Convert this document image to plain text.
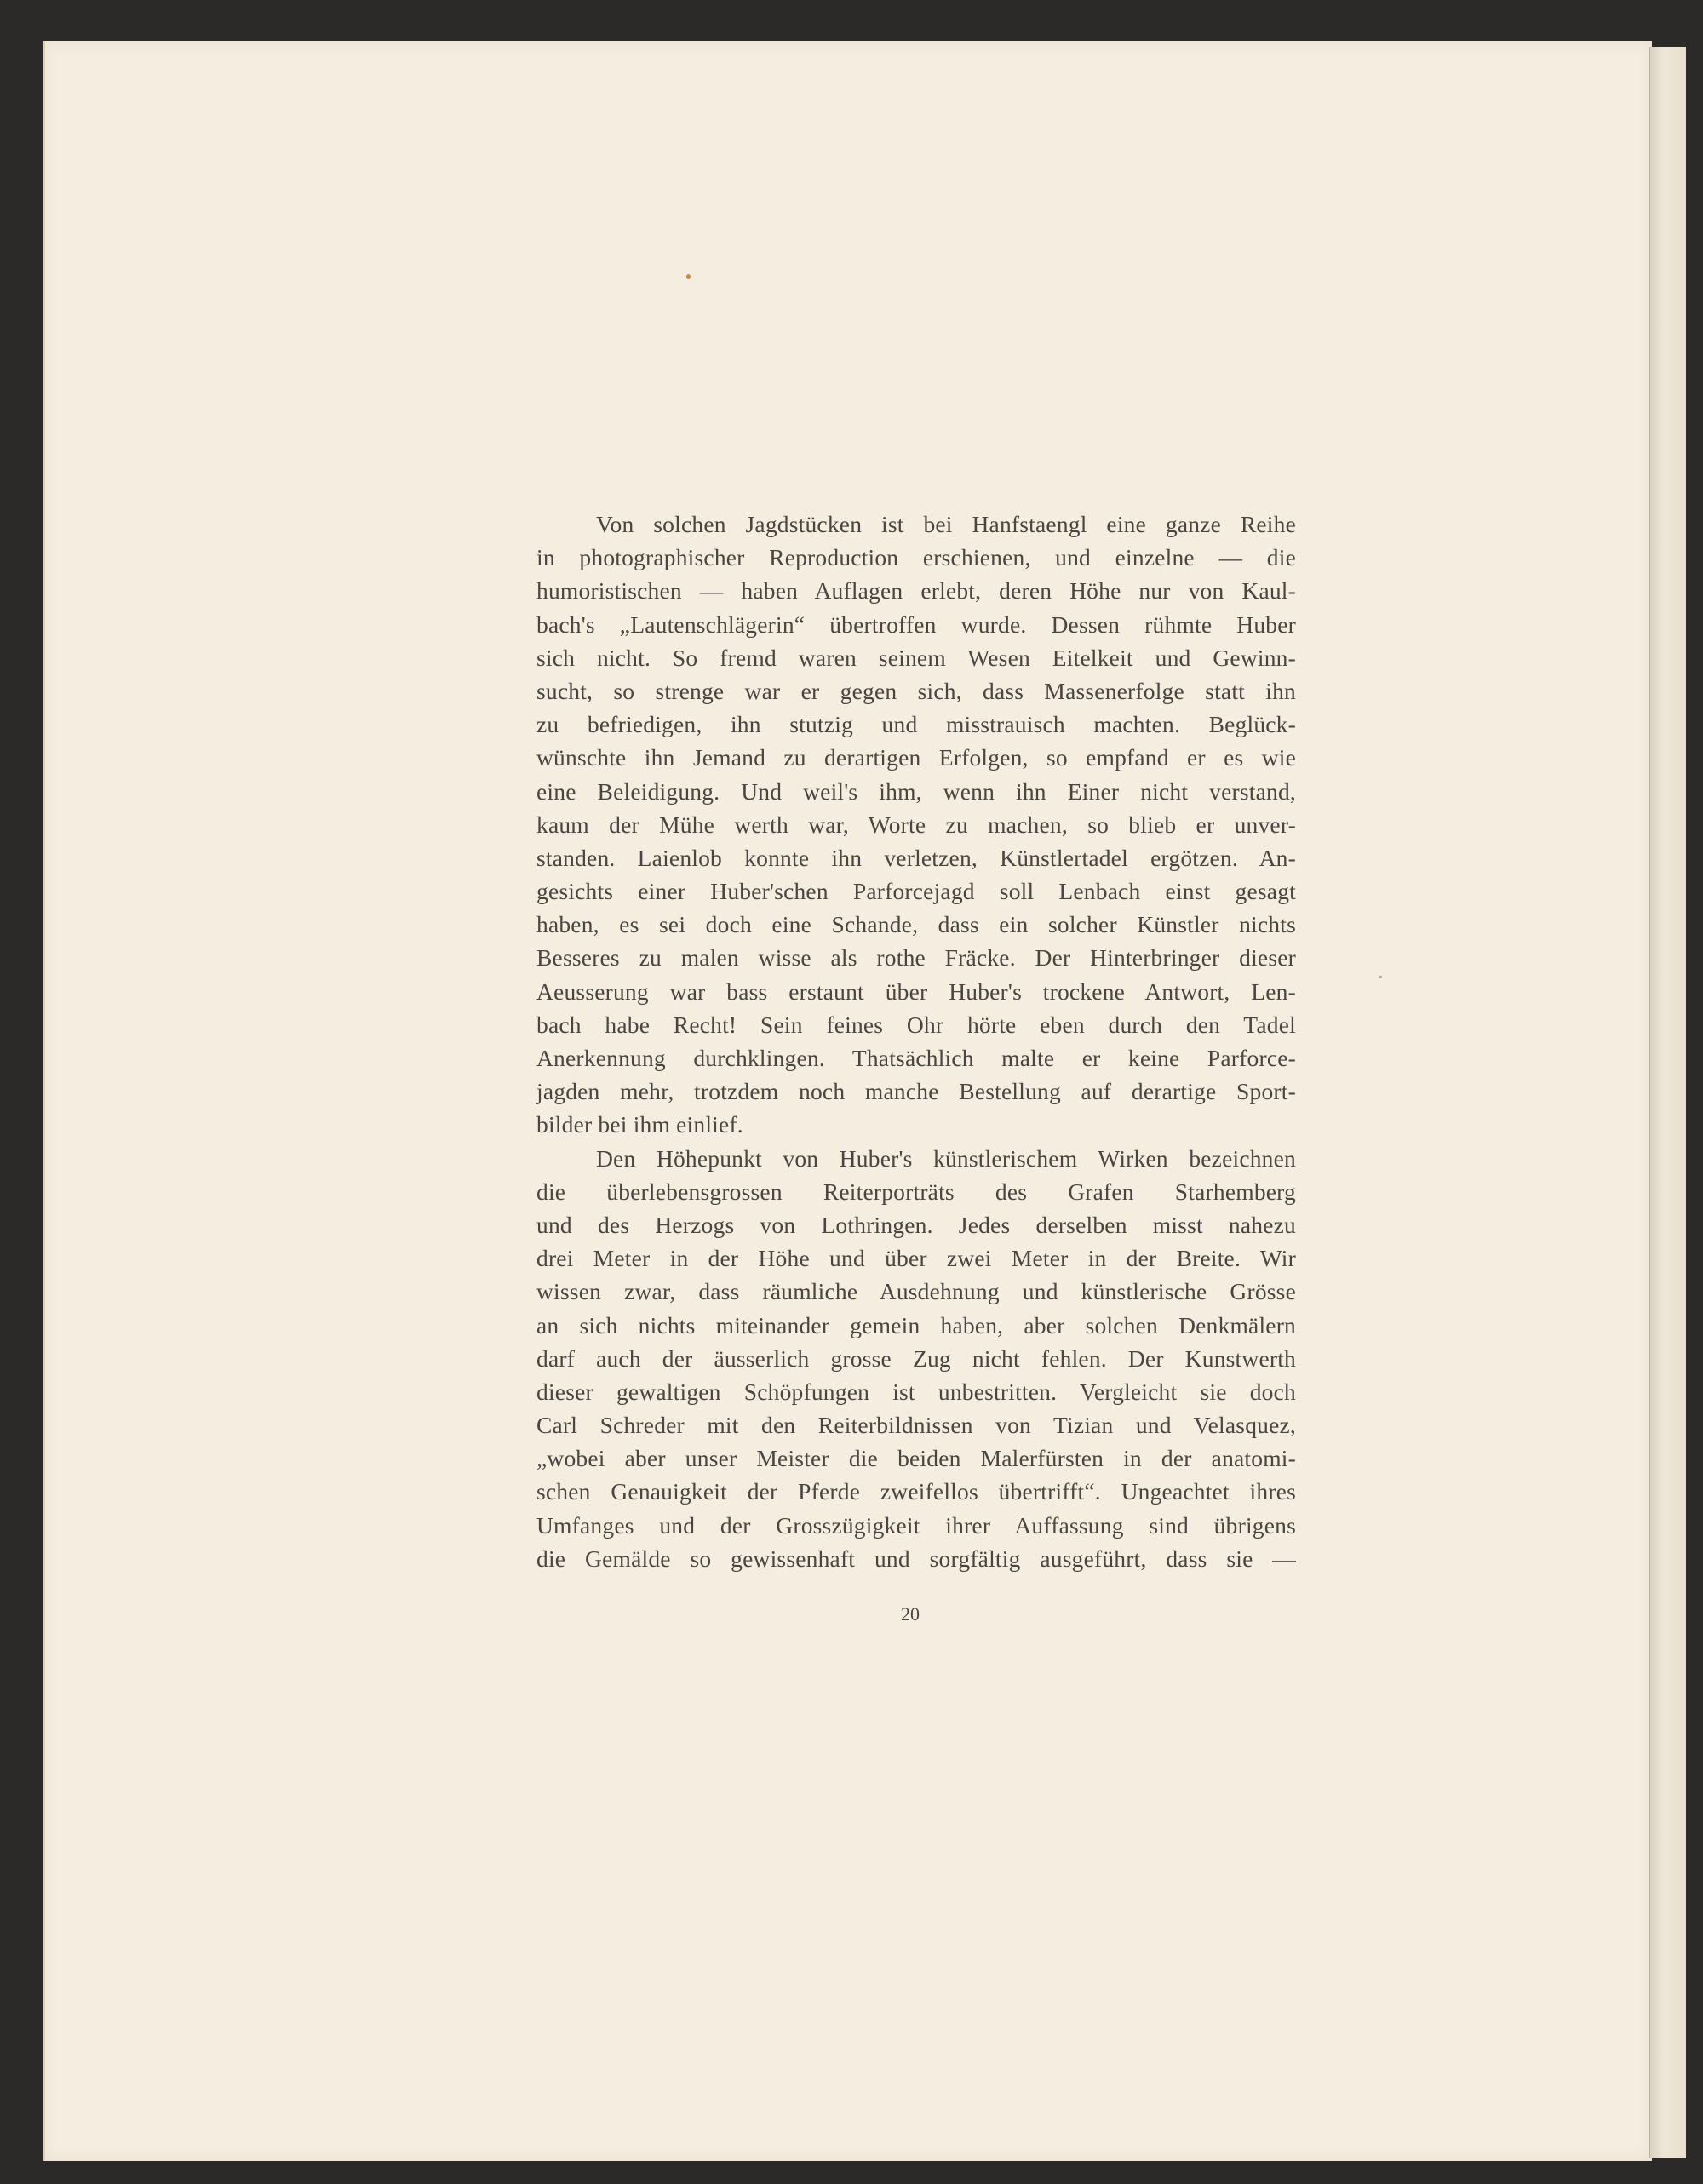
Von solchen Jagdstücken ist bei Hanfstaengl eine ganze Reihe
in photographischer Reproduction erschienen, und einzelne — die
humoristischen — haben Auflagen erlebt, deren Höhe nur von Kaul-
bach's „Lautenschlägerin“ übertroffen wurde. Dessen rühmte Huber
sich nicht. So fremd waren seinem Wesen Eitelkeit und Gewinn-
sucht, so strenge war er gegen sich, dass Massenerfolge statt ihn
zu befriedigen, ihn stutzig und misstrauisch machten. Beglück-
wünschte ihn Jemand zu derartigen Erfolgen, so empfand er es wie
eine Beleidigung. Und weil's ihm, wenn ihn Einer nicht verstand,
kaum der Mühe werth war, Worte zu machen, so blieb er unver-
standen. Laienlob konnte ihn verletzen, Künstlertadel ergötzen. An-
gesichts einer Huber'schen Parforcejagd soll Lenbach einst gesagt
haben, es sei doch eine Schande, dass ein solcher Künstler nichts
Besseres zu malen wisse als rothe Fräcke. Der Hinterbringer dieser
Aeusserung war bass erstaunt über Huber's trockene Antwort, Len-
bach habe Recht! Sein feines Ohr hörte eben durch den Tadel
Anerkennung durchklingen. Thatsächlich malte er keine Parforce-
jagden mehr, trotzdem noch manche Bestellung auf derartige Sport-
bilder bei ihm einlief.
Den Höhepunkt von Huber's künstlerischem Wirken bezeichnen
die überlebensgrossen Reiterporträts des Grafen Starhemberg
und des Herzogs von Lothringen. Jedes derselben misst nahezu
drei Meter in der Höhe und über zwei Meter in der Breite. Wir
wissen zwar, dass räumliche Ausdehnung und künstlerische Grösse
an sich nichts miteinander gemein haben, aber solchen Denkmälern
darf auch der äusserlich grosse Zug nicht fehlen. Der Kunstwerth
dieser gewaltigen Schöpfungen ist unbestritten. Vergleicht sie doch
Carl Schreder mit den Reiterbildnissen von Tizian und Velasquez,
„wobei aber unser Meister die beiden Malerfürsten in der anatomi-
schen Genauigkeit der Pferde zweifellos übertrifft“. Ungeachtet ihres
Umfanges und der Grosszügigkeit ihrer Auffassung sind übrigens
die Gemälde so gewissenhaft und sorgfältig ausgeführt, dass sie —
20
